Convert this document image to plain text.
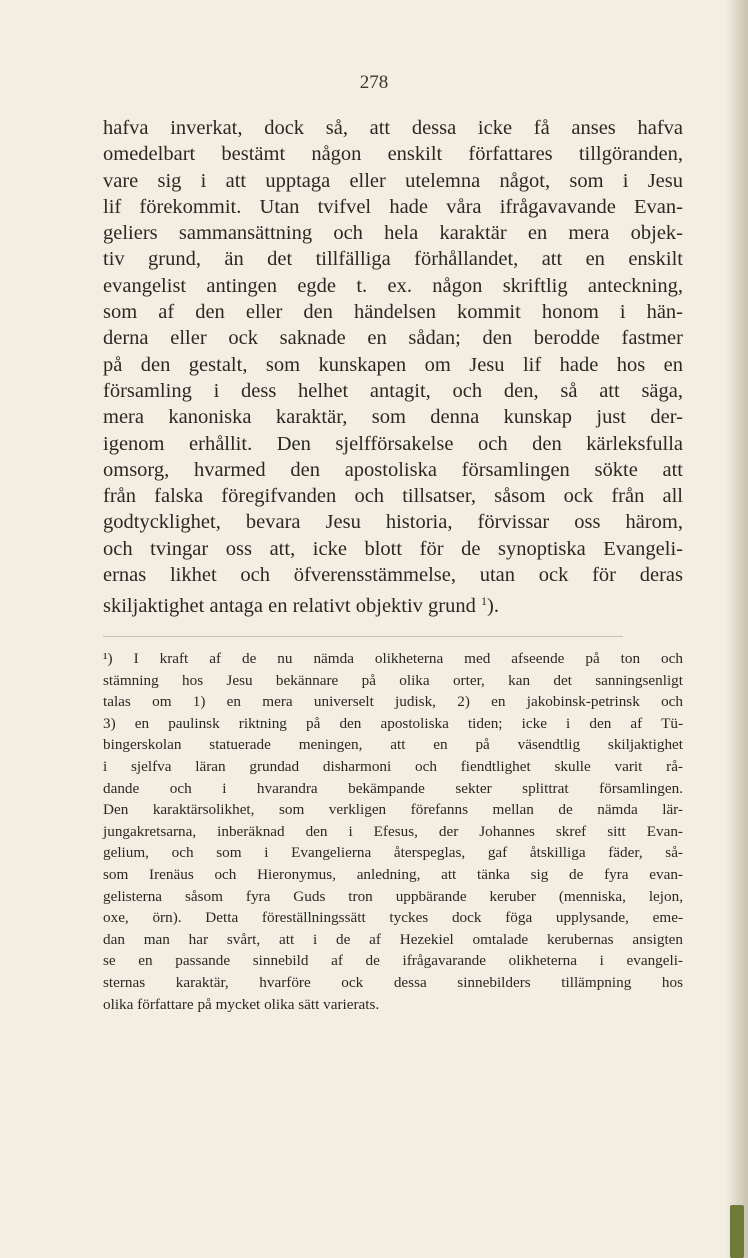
278
hafva inverkat, dock så, att dessa icke få anses hafva
omedelbart bestämt någon enskilt författares tillgöranden,
vare sig i att upptaga eller utelemna något, som i Jesu
lif förekommit. Utan tvifvel hade våra ifrågavavande Evan-
geliers sammansättning och hela karaktär en mera objek-
tiv grund, än det tillfälliga förhållandet, att en enskilt
evangelist antingen egde t. ex. någon skriftlig anteckning,
som af den eller den händelsen kommit honom i hän-
derna eller ock saknade en sådan; den berodde fastmer
på den gestalt, som kunskapen om Jesu lif hade hos en
församling i dess helhet antagit, och den, så att säga,
mera kanoniska karaktär, som denna kunskap just der-
igenom erhållit. Den sjelfförsakelse och den kärleksfulla
omsorg, hvarmed den apostoliska församlingen sökte att
från falska föregifvanden och tillsatser, såsom ock från all
godtycklighet, bevara Jesu historia, förvissar oss härom,
och tvingar oss att, icke blott för de synoptiska Evangeli-
ernas likhet och öfverensstämmelse, utan ock för deras
skiljaktighet antaga en relativt objektiv grund $^1$).
¹) I kraft af de nu nämda olikheterna med afseende på ton och
stämning hos Jesu bekännare på olika orter, kan det sanningsenligt
talas om 1) en mera universelt judisk, 2) en jakobinsk-petrinsk och
3) en paulinsk riktning på den apostoliska tiden; icke i den af Tü-
bingerskolan statuerade meningen, att en på väsendtlig skiljaktighet
i sjelfva läran grundad disharmoni och fiendtlighet skulle varit rå-
dande och i hvarandra bekämpande sekter splittrat församlingen.
Den karaktärsolikhet, som verkligen förefanns mellan de nämda lär-
jungakretsarna, inberäknad den i Efesus, der Johannes skref sitt Evan-
gelium, och som i Evangelierna återspeglas, gaf åtskilliga fäder, så-
som Irenäus och Hieronymus, anledning, att tänka sig de fyra evan-
gelisterna såsom fyra Guds tron uppbärande keruber (menniska, lejon,
oxe, örn). Detta föreställningssätt tyckes dock föga upplysande, eme-
dan man har svårt, att i de af Hezekiel omtalade kerubernas ansigten
se en passande sinnebild af de ifrågavarande olikheterna i evangeli-
sternas karaktär, hvarföre ock dessa sinnebilders tillämpning hos
olika författare på mycket olika sätt varierats.
